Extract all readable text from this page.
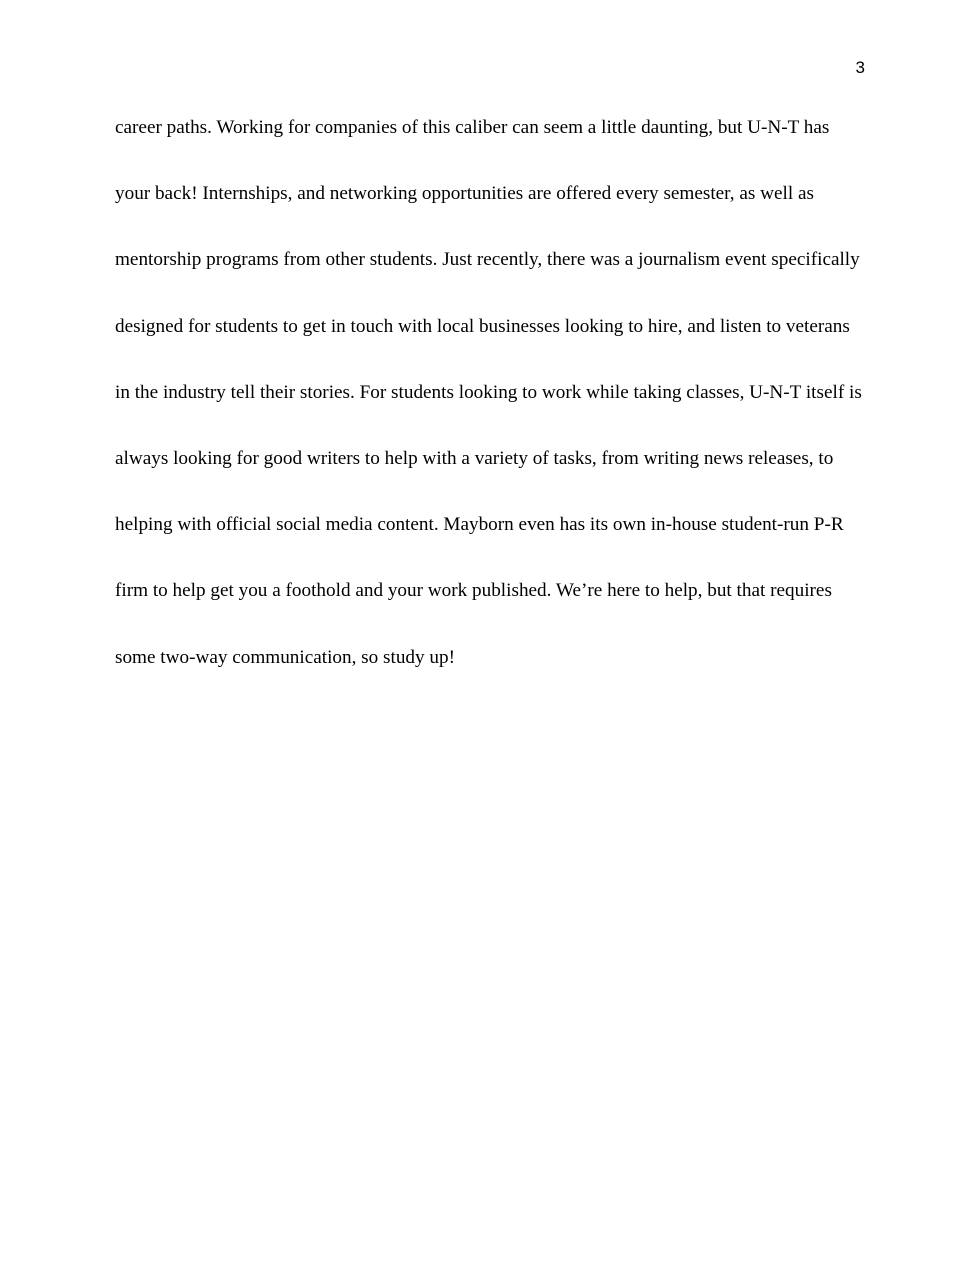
3
career paths. Working for companies of this caliber can seem a little daunting, but U-N-T has
your back! Internships, and networking opportunities are offered every semester, as well as
mentorship programs from other students. Just recently, there was a journalism event specifically
designed for students to get in touch with local businesses looking to hire, and listen to veterans
in the industry tell their stories. For students looking to work while taking classes, U-N-T itself is
always looking for good writers to help with a variety of tasks, from writing news releases, to
helping with official social media content. Mayborn even has its own in-house student-run P-R
firm to help get you a foothold and your work published. We’re here to help, but that requires
some two-way communication, so study up!
